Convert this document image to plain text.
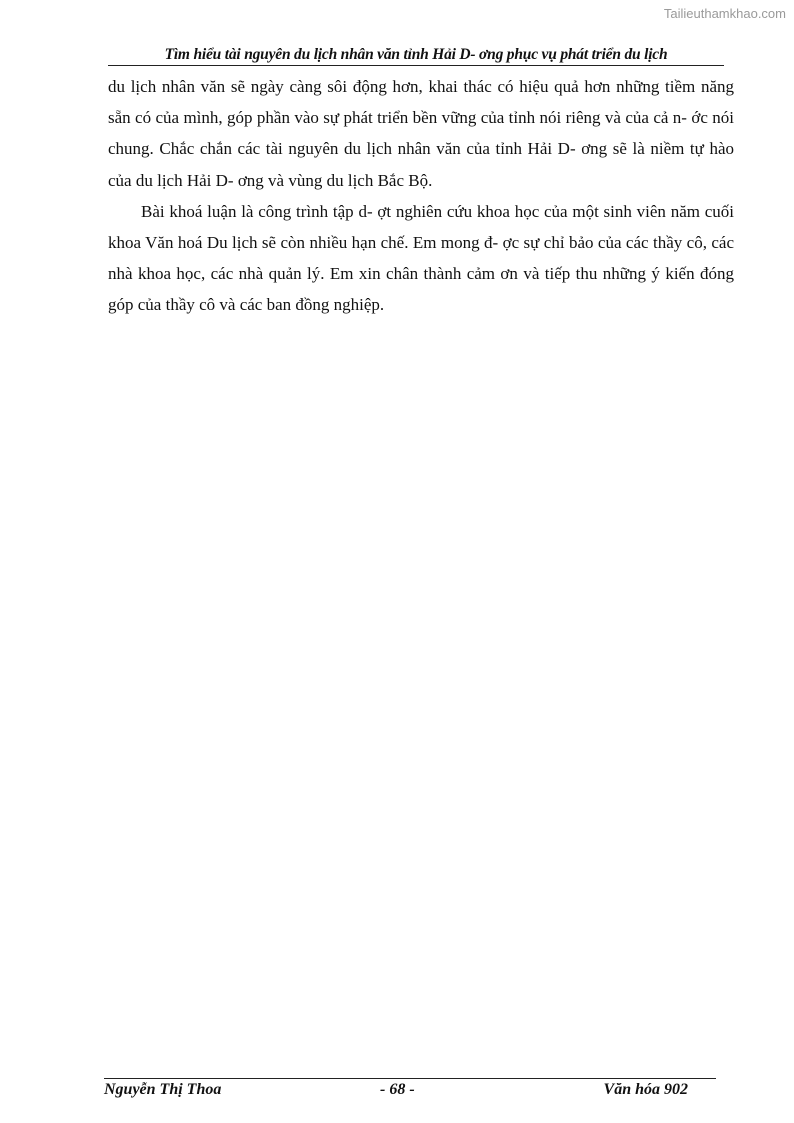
Tailieuthamkhao.com
Tìm hiểu tài nguyên du lịch nhân văn tỉnh Hải D- ơng phục vụ phát triển du lịch

du lịch nhân văn sẽ ngày càng sôi động hơn, khai thác có hiệu quả hơn những tiềm năng sẵn có của mình, góp phần vào sự phát triển bền vững của tỉnh nói riêng và của cả n- ớc nói chung. Chắc chắn các tài nguyên du lịch nhân văn của tỉnh Hải D- ơng sẽ là niềm tự hào của du lịch Hải D- ơng và vùng du lịch Bắc Bộ.

Bài khoá luận là công trình tập d- ợt nghiên cứu khoa học của một sinh viên năm cuối khoa Văn hoá Du lịch sẽ còn nhiều hạn chế. Em mong đ- ợc sự chỉ bảo của các thầy cô, các nhà khoa học, các nhà quản lý. Em xin chân thành cảm ơn và tiếp thu những ý kiến đóng góp của thầy cô và các ban đồng nghiệp.

Nguyễn Thị Thoa	- 68 -	Văn hóa 902
